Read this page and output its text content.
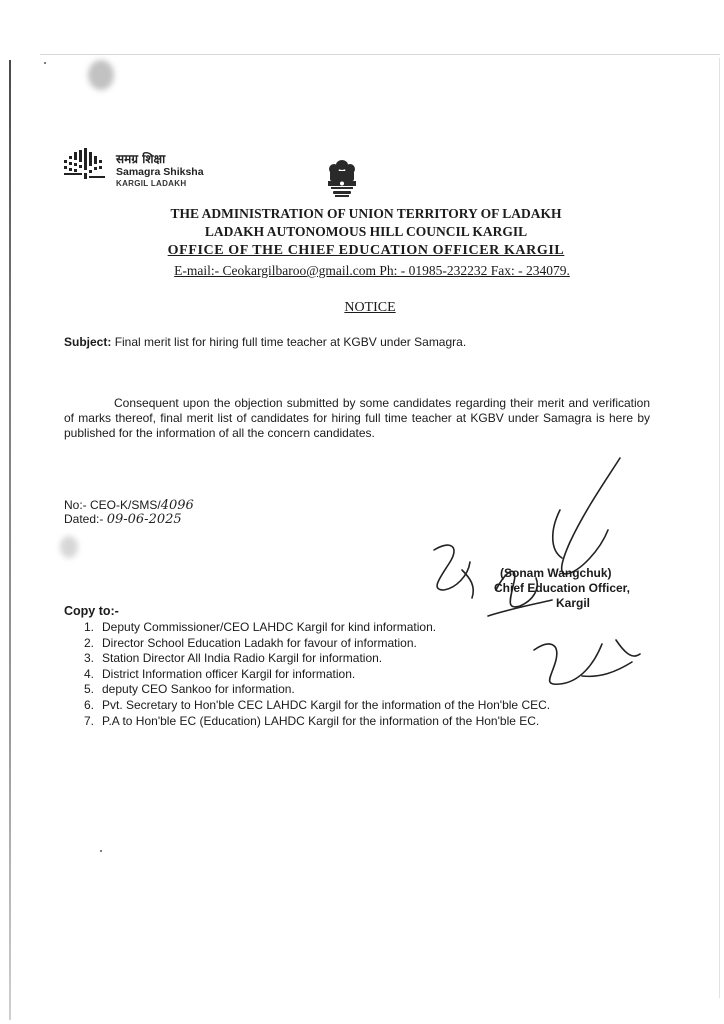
समग्र शिक्षा
Samagra Shiksha
KARGIL LADAKH
THE ADMINISTRATION OF UNION TERRITORY OF LADAKH
LADAKH AUTONOMOUS HILL COUNCIL KARGIL
OFFICE OF THE CHIEF EDUCATION OFFICER KARGIL
E-mail:- Ceokargilbaroo@gmail.com Ph: - 01985-232232 Fax: - 234079.
NOTICE
Subject: Final merit list for hiring full time teacher at KGBV under Samagra.
Consequent upon the objection submitted by some candidates regarding their merit and verification of marks thereof, final merit list of candidates for hiring full time teacher at KGBV under Samagra is here by published for the information of all the concern candidates.
No:- CEO-K/SMS/4096
Dated:- 09-06-2025
(Sonam Wangchuk)
Chief Education Officer,
Kargil
Copy to:-
1. Deputy Commissioner/CEO LAHDC Kargil for kind information.
2. Director School Education Ladakh for favour of information.
3. Station Director All India Radio Kargil for information.
4. District Information officer Kargil for information.
5. deputy CEO Sankoo for information.
6. Pvt. Secretary to Hon'ble CEC LAHDC Kargil for the information of the Hon'ble CEC.
7. P.A to Hon'ble EC (Education) LAHDC Kargil for the information of the Hon'ble EC.
